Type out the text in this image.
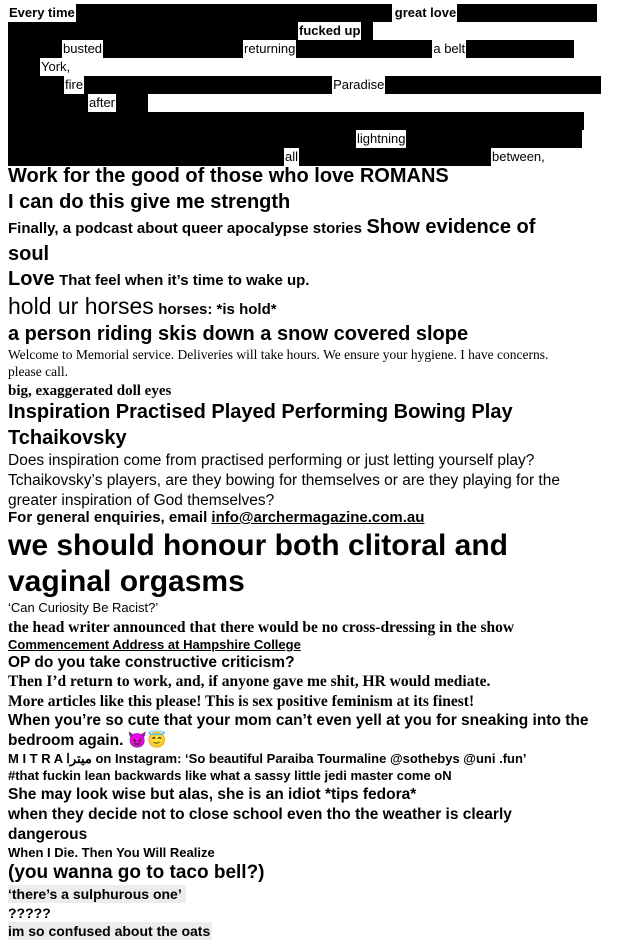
Every time	great love
fucked up
busted	returning	a belt
York,
fire	Paradise
after
lightning
all	between,

Work for the good of those who love ROMANS

I can do this give me strength

Finally, a podcast about queer apocalypse stories Show evidence of

soul

Love That feel when it’s time to wake up.

hold ur horses horses: *is hold*

a person riding skis down a snow covered slope

Welcome to Memorial service. Deliveries will take hours. We ensure your hygiene. I have concerns.

please call.

big, exaggerated doll eyes

Inspiration Practised Played Performing Bowing Play

Tchaikovsky

Does inspiration come from practised performing or just letting yourself play?

Tchaikovsky’s players, are they bowing for themselves or are they playing for the

greater inspiration of God themselves?

For general enquiries, email info@archermagazine.com.au

we should honour both clitoral and

vaginal orgasms

‘Can Curiosity Be Racist?’

the head writer announced that there would be no cross-dressing in the show

Commencement Address at Hampshire College

OP do you take constructive criticism?

Then I’d return to work, and, if anyone gave me shit, HR would mediate.

More articles like this please! This is sex positive feminism at its finest!

When you’re so cute that your mom can’t even yell at you for sneaking into the

bedroom again. 😈😇

M I T R A میترا on Instagram: ‘So beautiful Paraiba Tourmaline @sothebys @uni .fun’

#that fuckin lean backwards like what a sassy little jedi master come oN

She may look wise but alas, she is an idiot *tips fedora*

when they decide not to close school even tho the weather is clearly

dangerous

When I Die. Then You Will Realize

(you wanna go to taco bell?)

‘there’s a sulphurous one’

?????

im so confused about the oats
